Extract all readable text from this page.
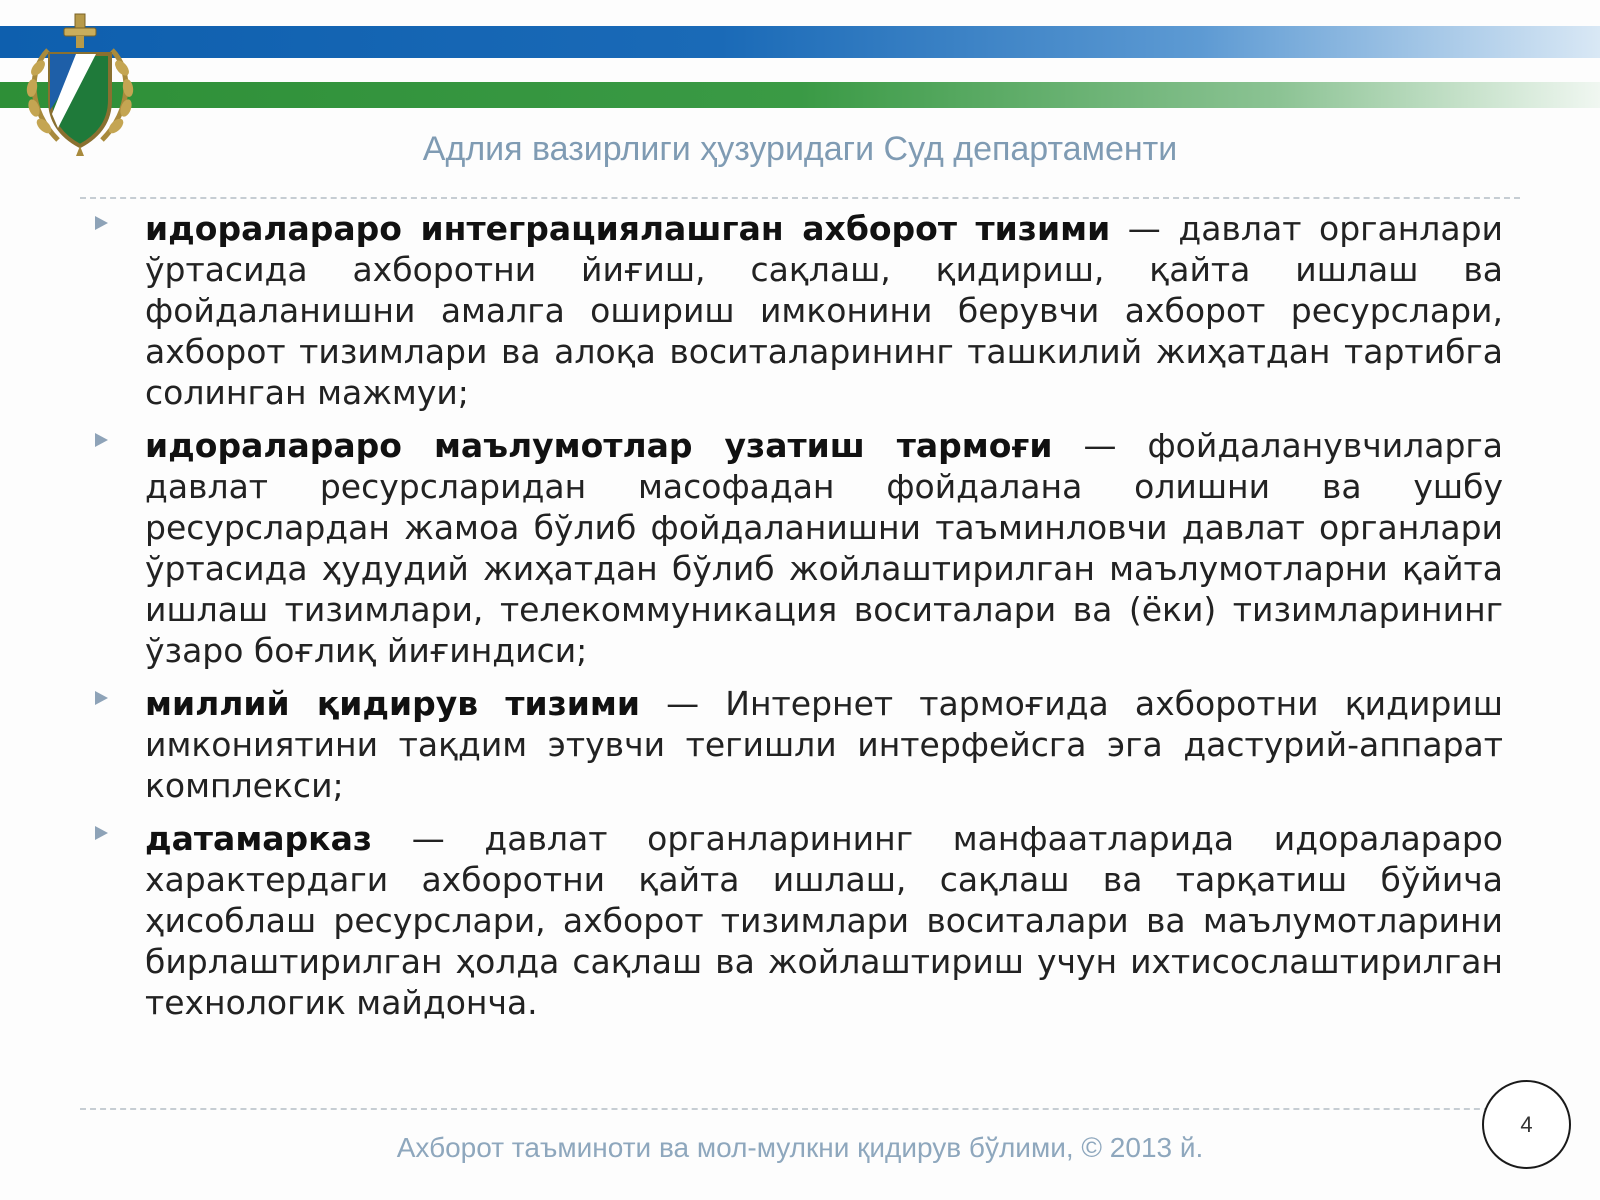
Адлия вазирлиги ҳузуридаги Суд департаменти

идоралараро интеграциялашган ахборот тизими — давлат органлари ўртасида ахборотни йиғиш, сақлаш, қидириш, қайта ишлаш ва фойдаланишни амалга ошириш имконини берувчи ахборот ресурслари, ахборот тизимлари ва алоқа воситаларининг ташкилий жиҳатдан тартибга солинган мажмуи;

идоралараро маълумотлар узатиш тармоғи — фойдаланувчиларга давлат ресурсларидан масофадан фойдалана олишни ва ушбу ресурслардан жамоа бўлиб фойдаланишни таъминловчи давлат органлари ўртасида ҳудудий жиҳатдан бўлиб жойлаштирилган маълумотларни қайта ишлаш тизимлари, телекоммуникация воситалари ва (ёки) тизимларининг ўзаро боғлиқ йиғиндиси;

миллий қидирув тизими — Интернет тармоғида ахборотни қидириш имкониятини тақдим этувчи тегишли интерфейсга эга дастурий-аппарат комплекси;

датамарказ — давлат органларининг манфаатларида идоралараро характердаги ахборотни қайта ишлаш, сақлаш ва тарқатиш бўйича ҳисоблаш ресурслари, ахборот тизимлари воситалари ва маълумотларини бирлаштирилган ҳолда сақлаш ва жойлаштириш учун ихтисослаштирилган технологик майдонча.

Ахборот таъминоти ва мол-мулкни қидирув бўлими, © 2013 й.
4
